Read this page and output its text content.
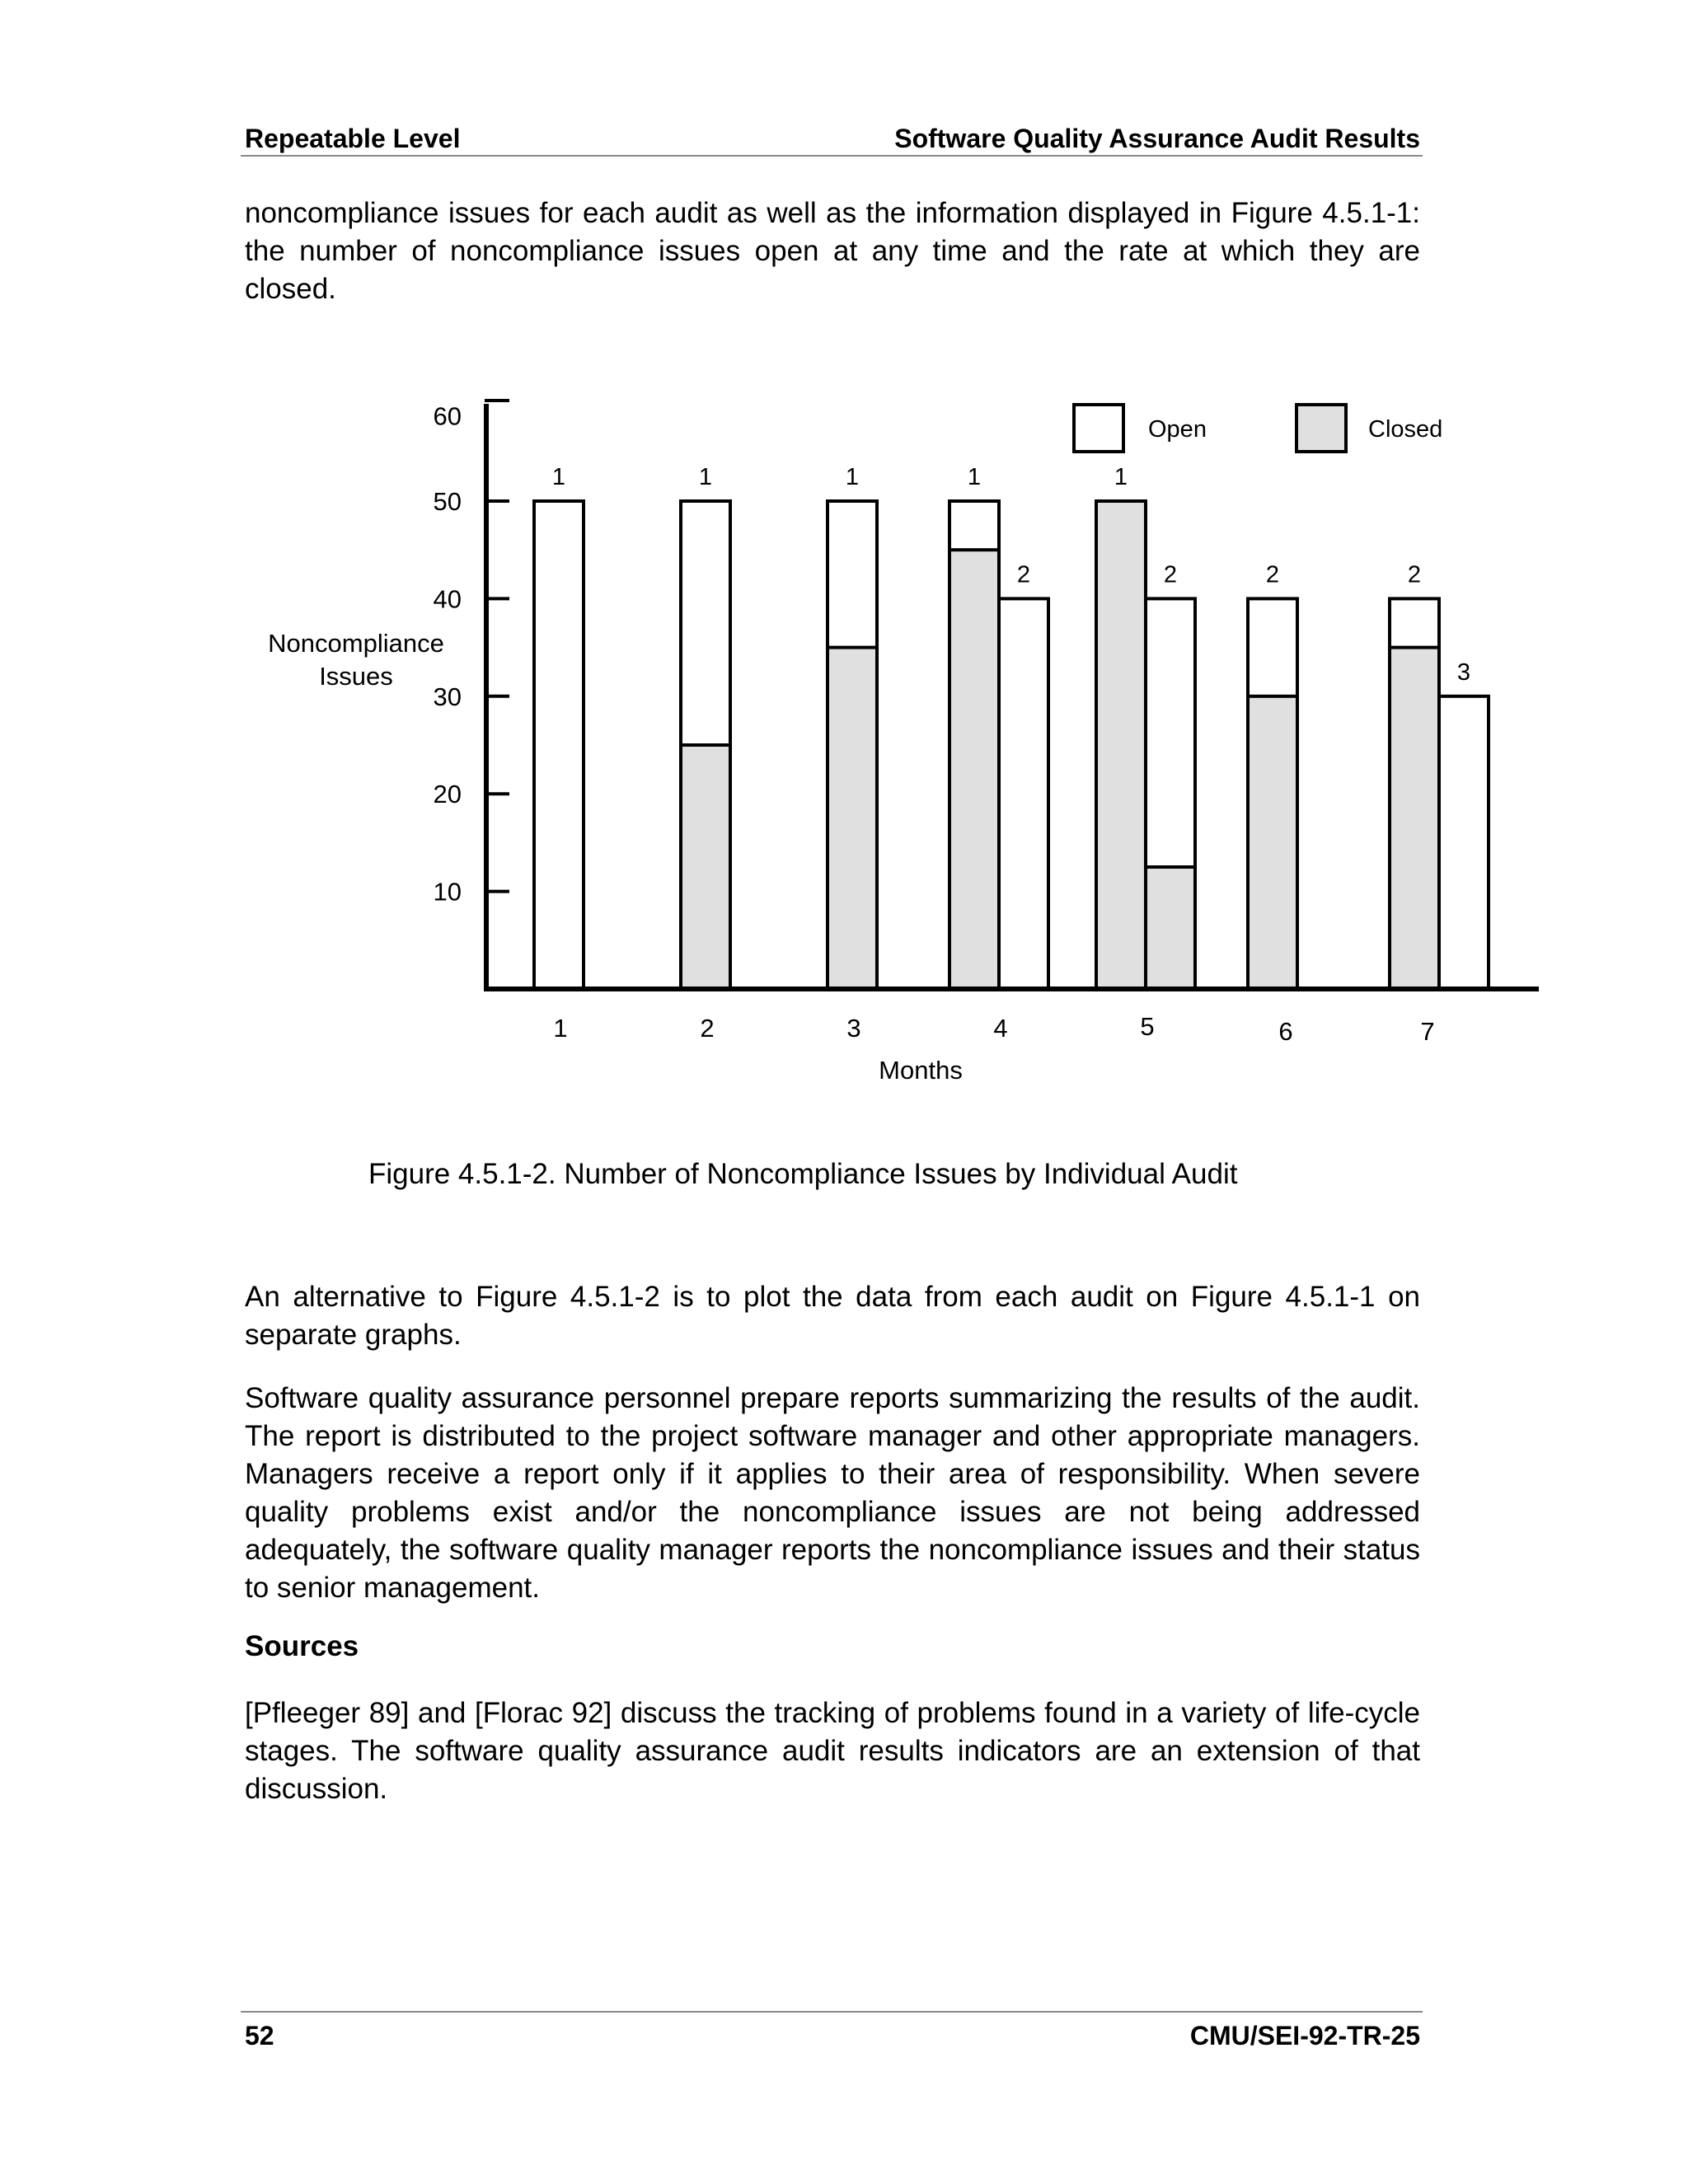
Repeatable Level	Software Quality Assurance Audit Results

noncompliance issues for each audit as well as the information displayed in Figure 4.5.1-1: the number of noncompliance issues open at any time and the rate at which they are closed.

10
20
30
40
50
60
1	1	1	1
2
1
2	2	2
3
1	2	3	4	5	6	7
Noncompliance
Issues
Months
Open	Closed
Figure 4.5.1-2. Number of Noncompliance Issues by Individual Audit

An alternative to Figure 4.5.1-2 is to plot the data from each audit on Figure 4.5.1-1 on separate graphs.

Software quality assurance personnel prepare reports summarizing the results of the audit. The report is distributed to the project software manager and other appropriate managers. Managers receive a report only if it applies to their area of responsibility. When severe quality problems exist and/or the noncompliance issues are not being addressed adequately, the software quality manager reports the noncompliance issues and their status to senior management.

Sources

[Pfleeger 89] and [Florac 92] discuss the tracking of problems found in a variety of life-cycle stages. The software quality assurance audit results indicators are an extension of that discussion.

52	CMU/SEI-92-TR-25
